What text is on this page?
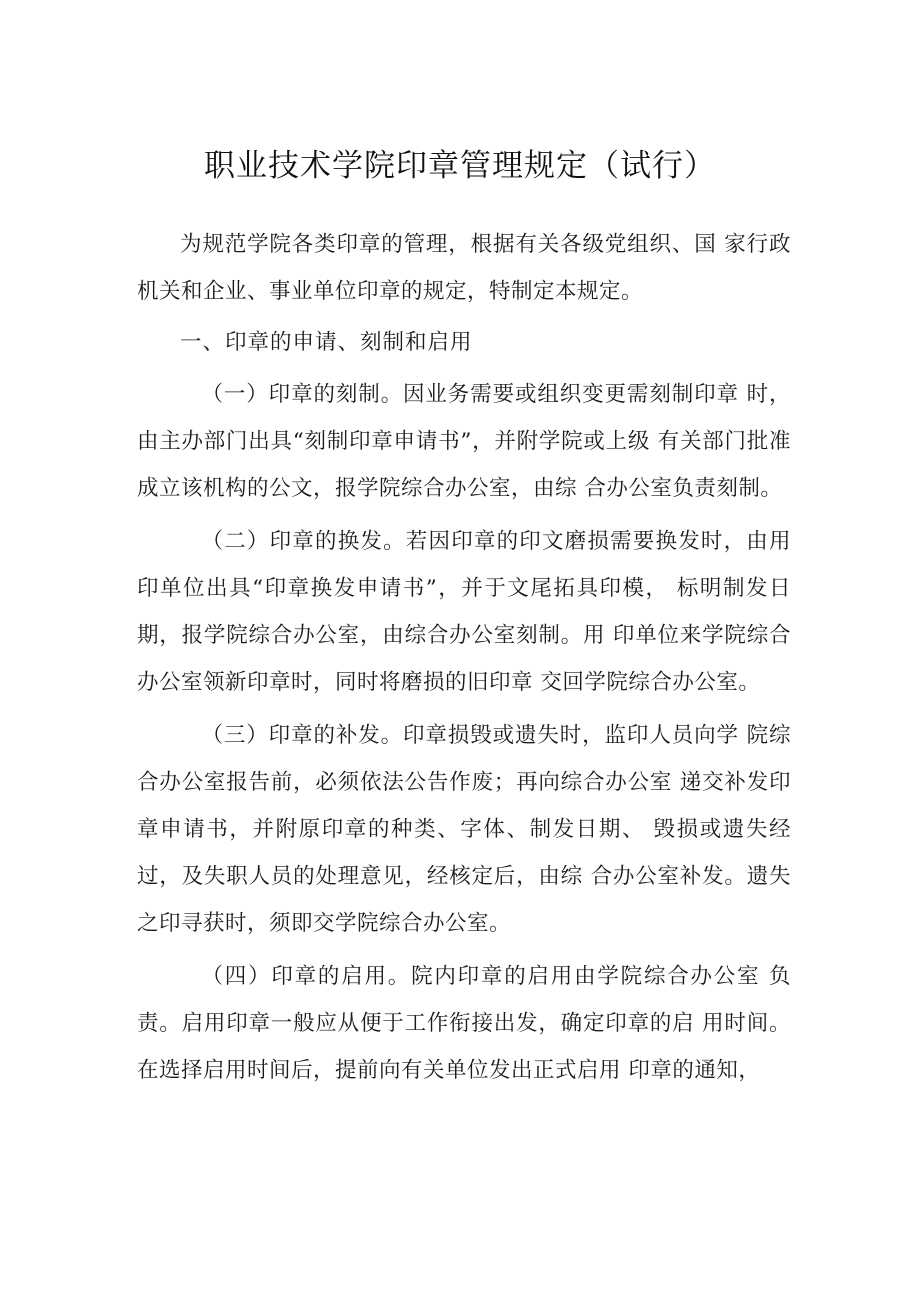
职业技术学院印章管理规定（试行）

为规范学院各类印章的管理，根据有关各级党组织、国 家行政机关和企业、事业单位印章的规定，特制定本规定。

一、印章的申请、刻制和启用

（一）印章的刻制。因业务需要或组织变更需刻制印章 时，由主办部门出具“刻制印章申请书”，并附学院或上级 有关部门批准成立该机构的公文，报学院综合办公室，由综 合办公室负责刻制。

（二）印章的换发。若因印章的印文磨损需要换发时，由用印单位出具“印章换发申请书”，并于文尾拓具印模， 标明制发日期，报学院综合办公室，由综合办公室刻制。用 印单位来学院综合办公室领新印章时，同时将磨损的旧印章 交回学院综合办公室。

（三）印章的补发。印章损毁或遗失时，监印人员向学 院综合办公室报告前，必须依法公告作废；再向综合办公室 递交补发印章申请书，并附原印章的种类、字体、制发日期、 毁损或遗失经过，及失职人员的处理意见，经核定后，由综 合办公室补发。遗失之印寻获时，须即交学院综合办公室。

（四）印章的启用。院内印章的启用由学院综合办公室 负责。启用印章一般应从便于工作衔接出发，确定印章的启 用时间。在选择启用时间后，提前向有关单位发出正式启用 印章的通知，
